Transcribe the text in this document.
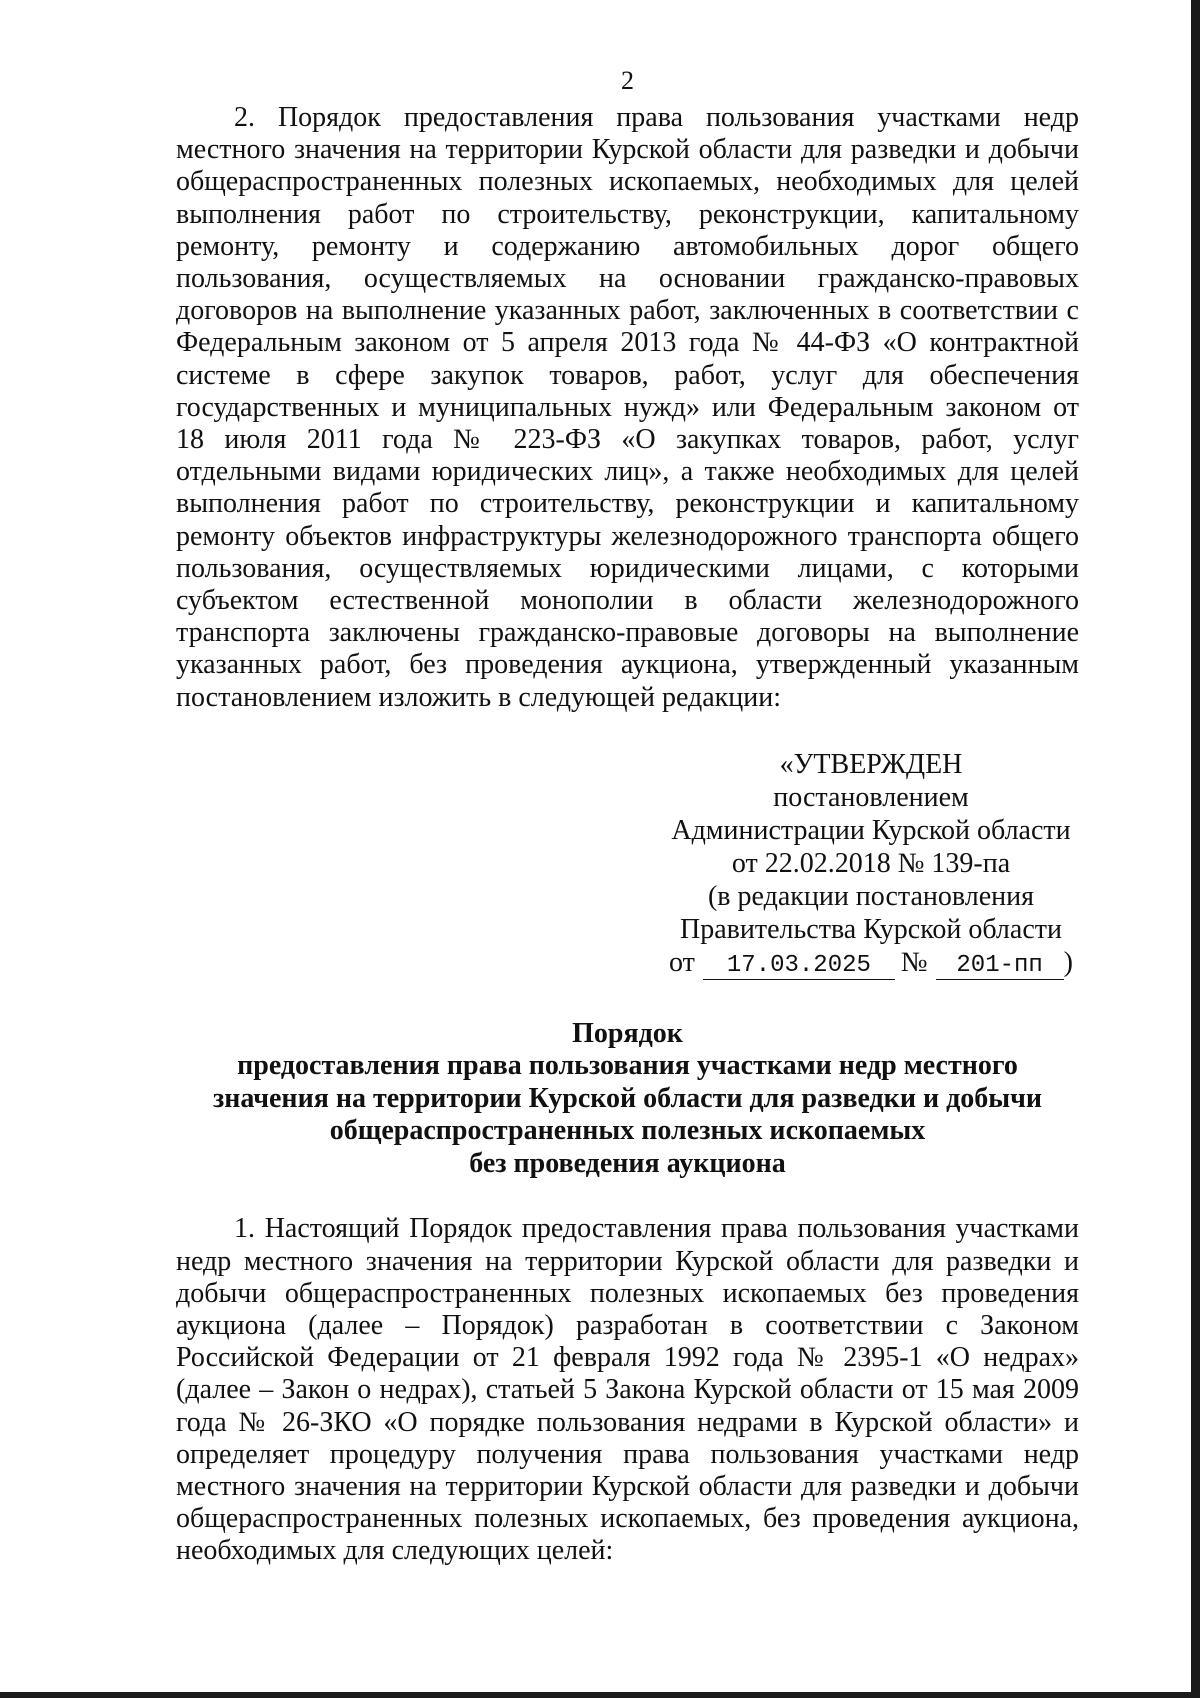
2

2. Порядок предоставления права пользования участками недр местного значения на территории Курской области для разведки и добычи общераспространенных полезных ископаемых, необходимых для целей выполнения работ по строительству, реконструкции, капитальному ремонту, ремонту и содержанию автомобильных дорог общего пользования, осуществляемых на основании гражданско-правовых договоров на выполнение указанных работ, заключенных в соответствии с Федеральным законом от 5 апреля 2013 года № 44-ФЗ «О контрактной системе в сфере закупок товаров, работ, услуг для обеспечения государственных и муниципальных нужд» или Федеральным законом от 18 июля 2011 года № 223-ФЗ «О закупках товаров, работ, услуг отдельными видами юридических лиц», а также необходимых для целей выполнения работ по строительству, реконструкции и капитальному ремонту объектов инфраструктуры железнодорожного транспорта общего пользования, осуществляемых юридическими лицами, с которыми субъектом естественной монополии в области железнодорожного транспорта заключены гражданско-правовые договоры на выполнение указанных работ, без проведения аукциона, утвержденный указанным постановлением изложить в следующей редакции:

«УТВЕРЖДЕН
постановлением
Администрации Курской области
от 22.02.2018 № 139-па
(в редакции постановления
Правительства Курской области
от	17.03.2025	№	201-пп )
Порядок
предоставления права пользования участками недр местного
значения на территории Курской области для разведки и добычи
общераспространенных полезных ископаемых
без проведения аукциона

1. Настоящий Порядок предоставления права пользования участками недр местного значения на территории Курской области для разведки и добычи общераспространенных полезных ископаемых без проведения аукциона (далее – Порядок) разработан в соответствии с Законом Российской Федерации от 21 февраля 1992 года № 2395-1 «О недрах» (далее – Закон о недрах), статьей 5 Закона Курской области от 15 мая 2009 года № 26-ЗКО «О порядке пользования недрами в Курской области» и определяет процедуру получения права пользования участками недр местного значения на территории Курской области для разведки и добычи общераспространенных полезных ископаемых, без проведения аукциона, необходимых для следующих целей:
